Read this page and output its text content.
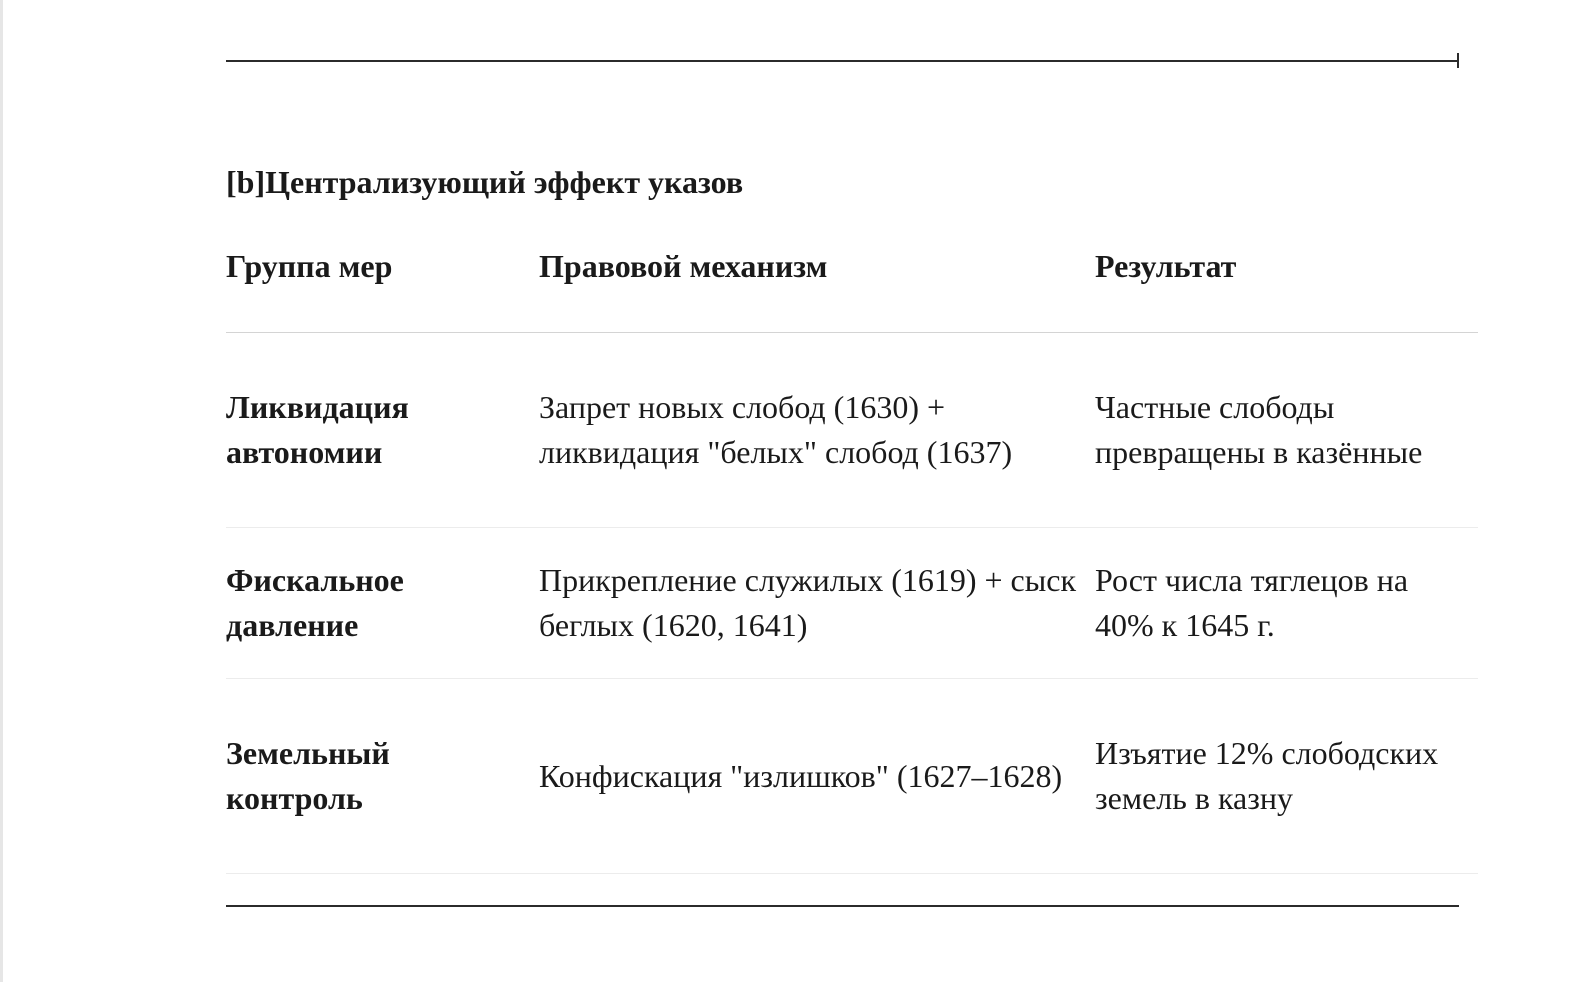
[b]Централизующий эффект указов
Группа мер	Правовой механизм	Результат

Ликвидация автономии	Запрет новых слобод (1630) + ликвидация "белых" слобод (1637)	Частные слободы превращены в казённые

Фискальное давление	Прикрепление служилых (1619) + сыск беглых (1620, 1641)	Рост числа тяглецов на 40% к 1645 г.

Земельный контроль	Конфискация "излишков" (1627–1628)	Изъятие 12% слободских земель в казну
